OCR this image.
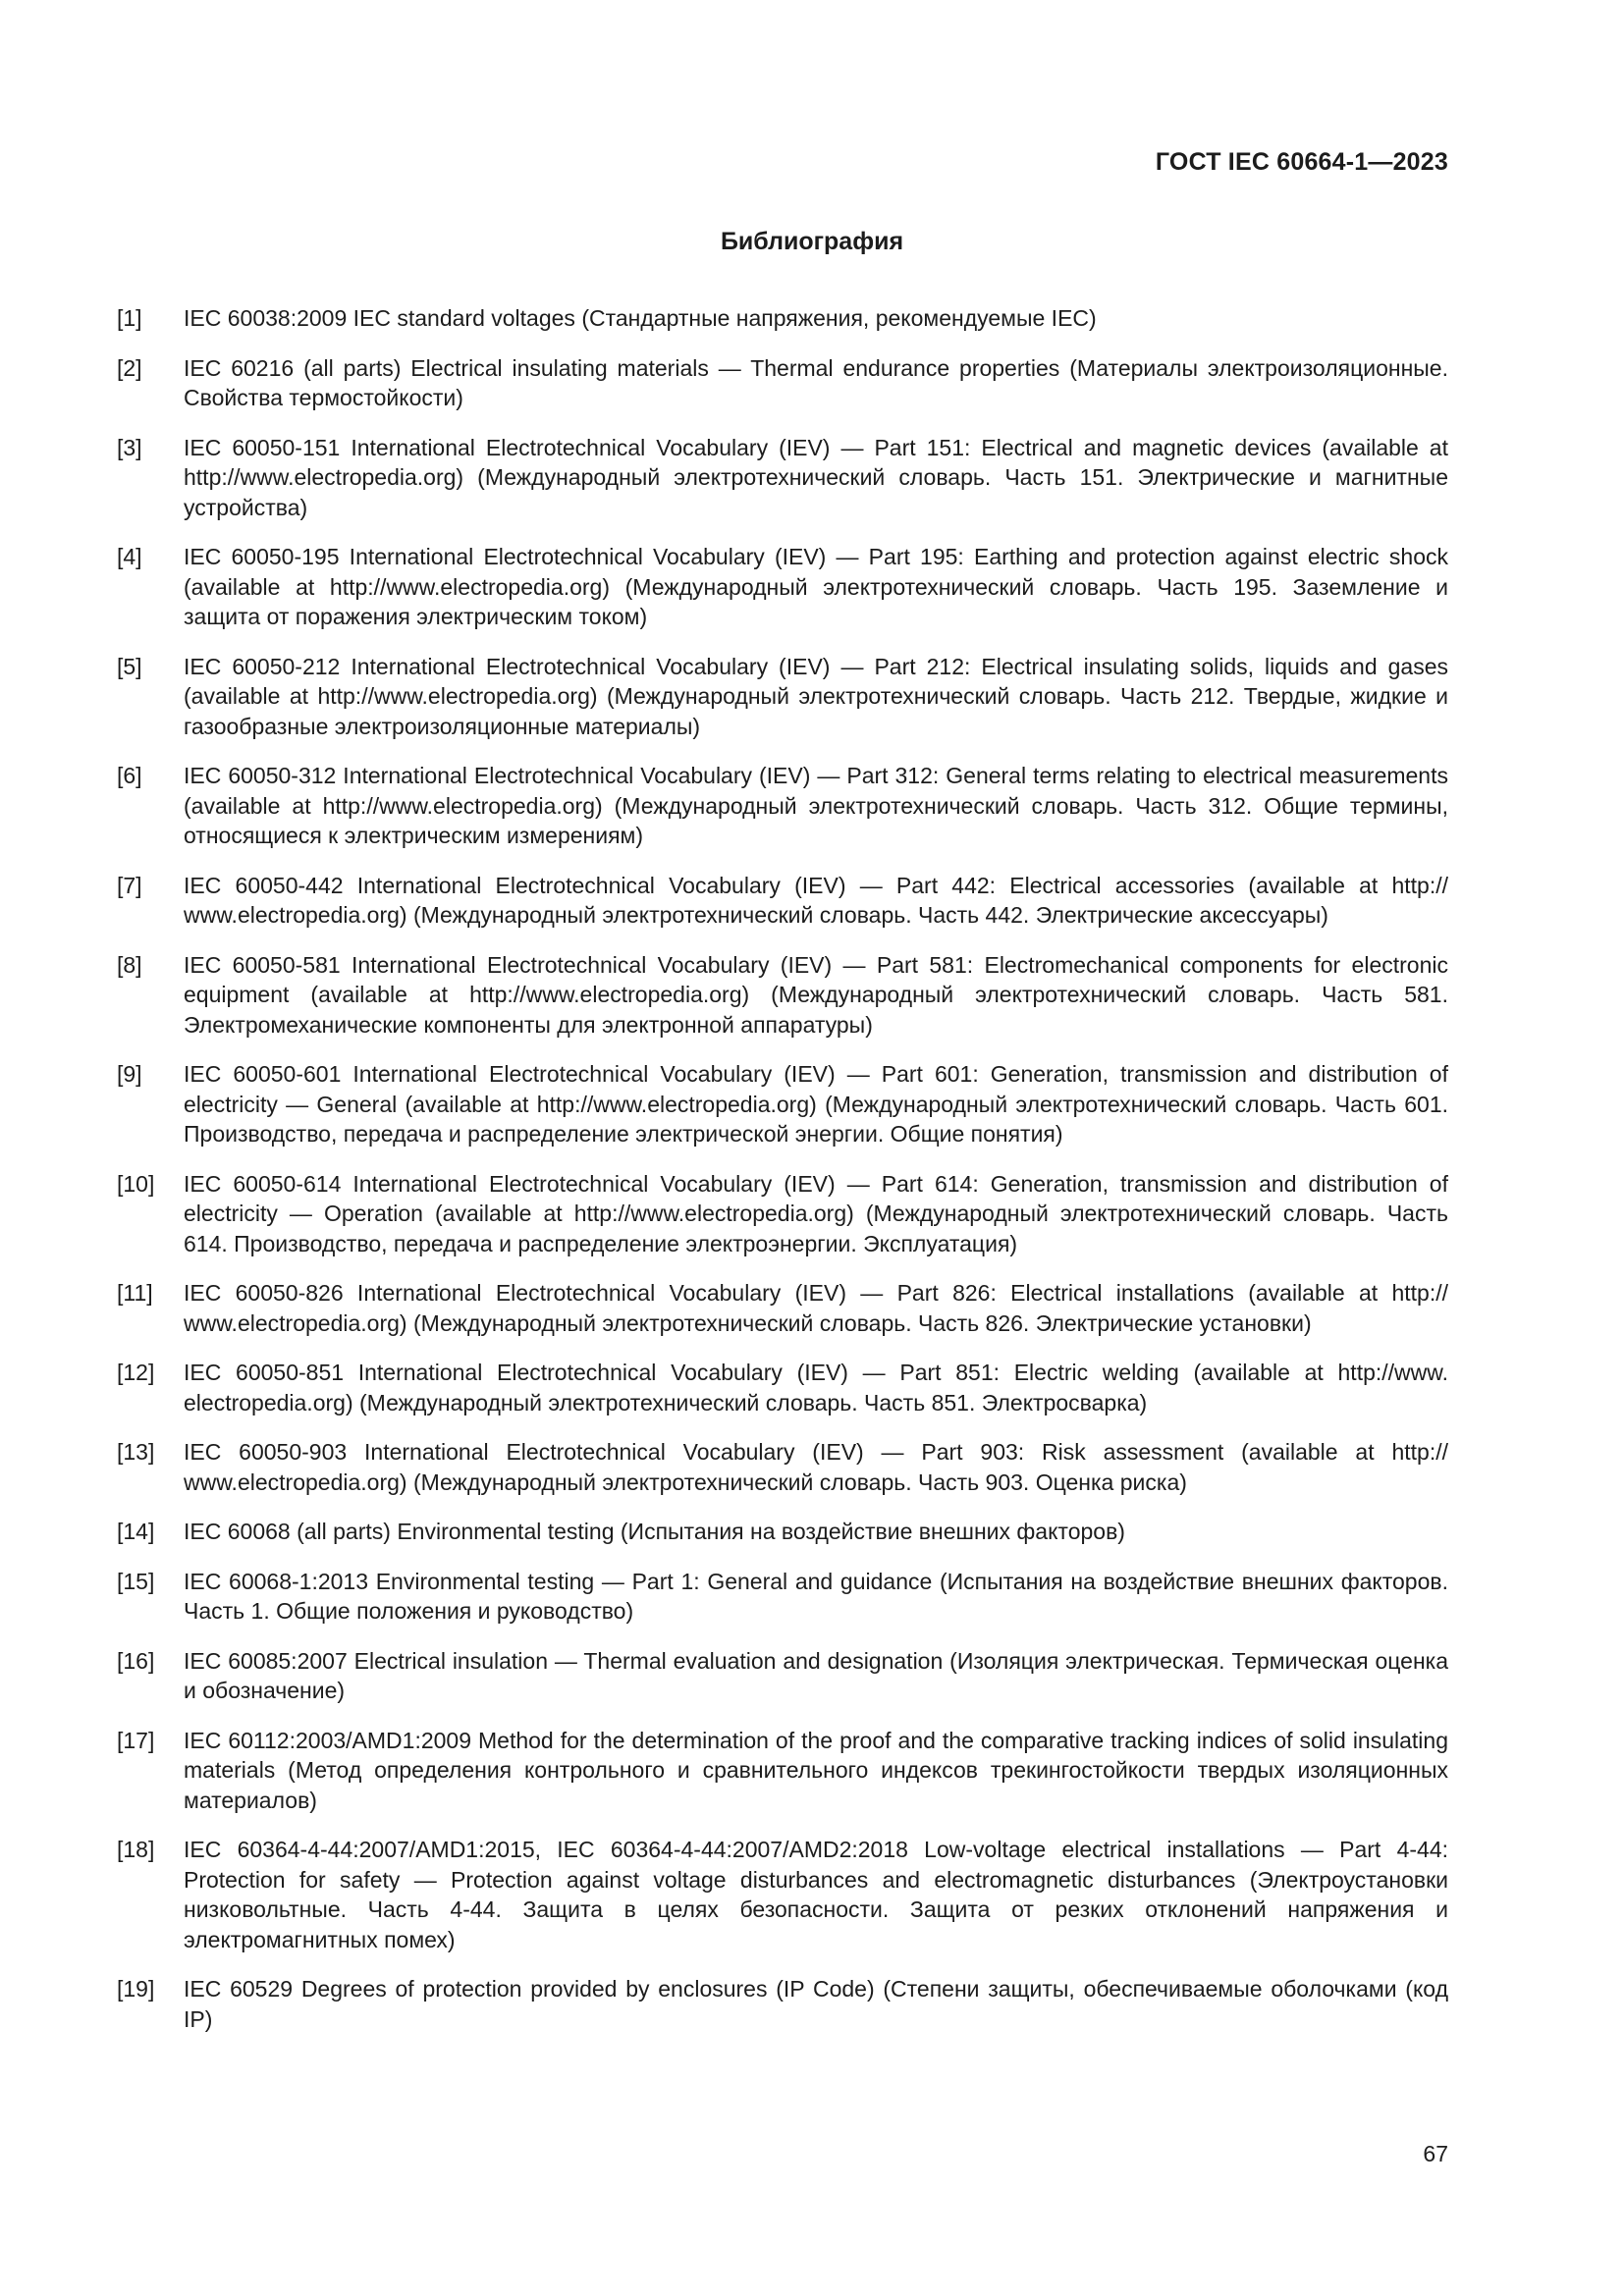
ГОСТ IEC 60664-1—2023
Библиография
[1]	IEC 60038:2009 IEC standard voltages (Стандартные напряжения, рекомендуемые IEC)
[2]	IEC 60216 (all parts) Electrical insulating materials — Thermal endurance properties (Материалы электроизоляционные. Свойства термостойкости)
[3]	IEC 60050-151 International Electrotechnical Vocabulary (IEV) — Part 151: Electrical and magnetic devices (available at http://www.electropedia.org) (Международный электротехнический словарь. Часть 151. Электрические и магнитные устройства)
[4]	IEC 60050-195 International Electrotechnical Vocabulary (IEV) — Part 195: Earthing and protection against electric shock (available at http://www.electropedia.org) (Международный электротехнический словарь. Часть 195. Заземление и защита от поражения электрическим током)
[5]	IEC 60050-212 International Electrotechnical Vocabulary (IEV) — Part 212: Electrical insulating solids, liquids and gases (available at http://www.electropedia.org) (Международный электротехнический словарь. Часть 212. Твердые, жидкие и газообразные электроизоляционные материалы)
[6]	IEC 60050-312 International Electrotechnical Vocabulary (IEV) — Part 312: General terms relating to electrical measurements (available at http://www.electropedia.org) (Международный электротехнический словарь. Часть 312. Общие термины, относящиеся к электрическим измерениям)
[7]	IEC 60050-442 International Electrotechnical Vocabulary (IEV) — Part 442: Electrical accessories (available at http:// www.electropedia.org) (Международный электротехнический словарь. Часть 442. Электрические аксессуары)
[8]	IEC 60050-581 International Electrotechnical Vocabulary (IEV) — Part 581: Electromechanical components for electronic equipment (available at http://www.electropedia.org) (Международный электротехнический словарь. Часть 581. Электромеханические компоненты для электронной аппаратуры)
[9]	IEC 60050-601 International Electrotechnical Vocabulary (IEV) — Part 601: Generation, transmission and distribution of electricity — General (available at http://www.electropedia.org) (Международный электротехнический словарь. Часть 601. Производство, передача и распределение электрической энергии. Общие понятия)
[10]	IEC 60050-614 International Electrotechnical Vocabulary (IEV) — Part 614: Generation, transmission and distribution of electricity — Operation (available at http://www.electropedia.org) (Международный электротехнический словарь. Часть 614. Производство, передача и распределение электроэнергии. Эксплуатация)
[11]	IEC 60050-826 International Electrotechnical Vocabulary (IEV) — Part 826: Electrical installations (available at http:// www.electropedia.org) (Международный электротехнический словарь. Часть 826. Электрические установки)
[12]	IEC 60050-851 International Electrotechnical Vocabulary (IEV) — Part 851: Electric welding (available at http://www. electropedia.org) (Международный электротехнический словарь. Часть 851. Электросварка)
[13]	IEC 60050-903 International Electrotechnical Vocabulary (IEV) — Part 903: Risk assessment (available at http:// www.electropedia.org) (Международный электротехнический словарь. Часть 903. Оценка риска)
[14]	IEC 60068 (all parts) Environmental testing (Испытания на воздействие внешних факторов)
[15]	IEC 60068-1:2013 Environmental testing — Part 1: General and guidance (Испытания на воздействие внешних факторов. Часть 1. Общие положения и руководство)
[16]	IEC 60085:2007 Electrical insulation — Thermal evaluation and designation (Изоляция электрическая. Термическая оценка и обозначение)
[17]	IEC 60112:2003/AMD1:2009 Method for the determination of the proof and the comparative tracking indices of solid insulating materials (Метод определения контрольного и сравнительного индексов трекингостойкости твердых изоляционных материалов)
[18]	IEC 60364-4-44:2007/AMD1:2015, IEC 60364-4-44:2007/AMD2:2018 Low-voltage electrical installations — Part 4-44: Protection for safety — Protection against voltage disturbances and electromagnetic disturbances (Электроустановки низковольтные. Часть 4-44. Защита в целях безопасности. Защита от резких отклонений напряжения и электромагнитных помех)
[19]	IEC 60529 Degrees of protection provided by enclosures (IP Code) (Степени защиты, обеспечиваемые оболочками (код IP)
67
